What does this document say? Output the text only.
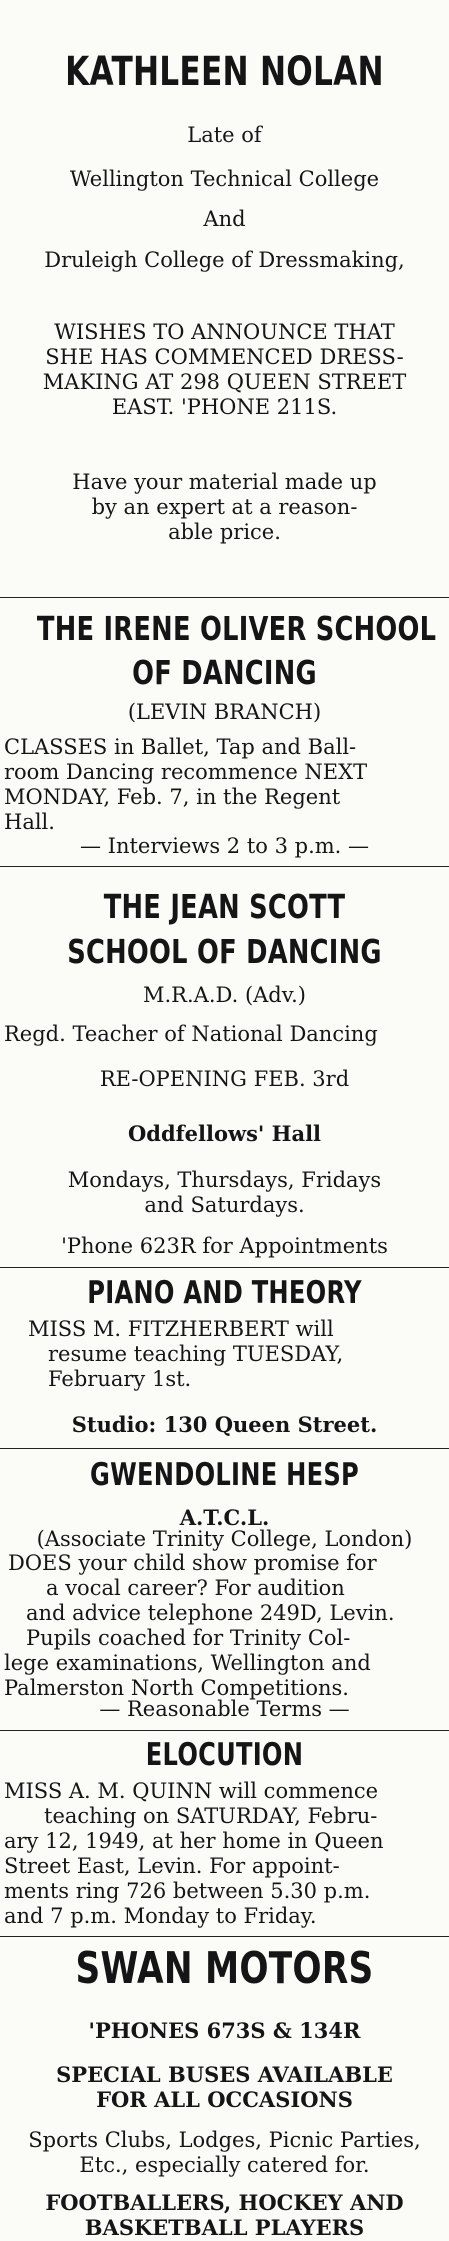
KATHLEEN NOLAN
Late of
Wellington Technical College
And
Druleigh College of Dressmaking,
WISHES TO ANNOUNCE THAT
SHE HAS COMMENCED DRESS-
MAKING AT 298 QUEEN STREET
EAST. 'PHONE 211S.
Have your material made up
by an expert at a reason-
able price.
THE IRENE OLIVER SCHOOL
OF DANCING
(LEVIN BRANCH)
CLASSES in Ballet, Tap and Ball-
room Dancing recommence NEXT
MONDAY, Feb. 7, in the Regent
Hall.
— Interviews 2 to 3 p.m. —
THE JEAN SCOTT
SCHOOL OF DANCING
M.R.A.D. (Adv.)
Regd. Teacher of National Dancing
RE-OPENING FEB. 3rd
Oddfellows' Hall
Mondays, Thursdays, Fridays
and Saturdays.
'Phone 623R for Appointments
PIANO AND THEORY
MISS M. FITZHERBERT will
resume teaching TUESDAY,
February 1st.
Studio: 130 Queen Street.
GWENDOLINE HESP
A.T.C.L.
(Associate Trinity College, London)
DOES your child show promise for
a vocal career? For audition
and advice telephone 249D, Levin.
Pupils coached for Trinity Col-
lege examinations, Wellington and
Palmerston North Competitions.
— Reasonable Terms —
ELOCUTION
MISS A. M. QUINN will commence
teaching on SATURDAY, Febru-
ary 12, 1949, at her home in Queen
Street East, Levin. For appoint-
ments ring 726 between 5.30 p.m.
and 7 p.m. Monday to Friday.
SWAN MOTORS
'PHONES 673S & 134R
SPECIAL BUSES AVAILABLE
FOR ALL OCCASIONS
Sports Clubs, Lodges, Picnic Parties,
Etc., especially catered for.
FOOTBALLERS, HOCKEY AND
BASKETBALL PLAYERS
